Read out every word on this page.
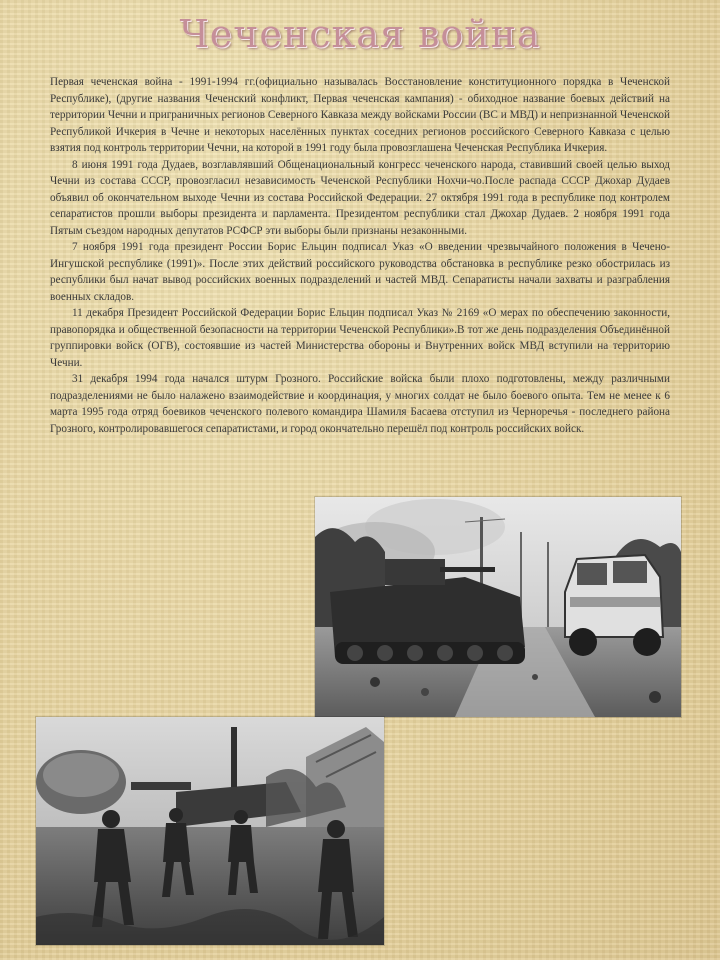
Чеченская война

Первая чеченская война - 1991-1994 гг.(официально называлась Восстановление конституционного порядка в Чеченской Республике), (другие названия Чеченский конфликт, Первая чеченская кампания) - обиходное название боевых действий на территории Чечни и приграничных регионов Северного Кавказа между войсками России (ВС и МВД) и непризнанной Чеченской Республикой Ичкерия в Чечне и некоторых населённых пунктах соседних регионов российского Северного Кавказа с целью взятия под контроль территории Чечни, на которой в 1991 году была провозглашена Чеченская Республика Ичкерия.

8 июня 1991 года Дудаев, возглавлявший Общенациональный конгресс чеченского народа, ставивший своей целью выход Чечни из состава СССР, провозгласил независимость Чеченской Республики Нохчи-чо.После распада СССР Джохар Дудаев объявил об окончательном выходе Чечни из состава Российской Федерации. 27 октября 1991 года в республике под контролем сепаратистов прошли выборы президента и парламента. Президентом республики стал Джохар Дудаев. 2 ноября 1991 года Пятым съездом народных депутатов РСФСР эти выборы были признаны незаконными.

7 ноября 1991 года президент России Борис Ельцин подписал Указ «О введении чрезвычайного положения в Чечено-Ингушской республике (1991)». После этих действий российского руководства обстановка в республике резко обострилась из республики был начат вывод российских военных подразделений и частей МВД. Сепаратисты начали захваты и разграбления военных складов.

11 декабря Президент Российской Федерации Борис Ельцин подписал Указ № 2169 «О мерах по обеспечению законности, правопорядка и общественной безопасности на территории Чеченской Республики».В тот же день подразделения Объединённой группировки войск (ОГВ), состоявшие из частей Министерства обороны и Внутренних войск МВД вступили на территорию Чечни.

31 декабря 1994 года начался штурм Грозного. Российские войска были плохо подготовлены, между различными подразделениями не было налажено взаимодействие и координация, у многих солдат не было боевого опыта. Тем не менее к 6 марта 1995 года отряд боевиков чеченского полевого командира Шамиля Басаева отступил из Черноречья - последнего района Грозного, контролировавшегося сепаратистами, и город окончательно перешёл под контроль российских войск.
